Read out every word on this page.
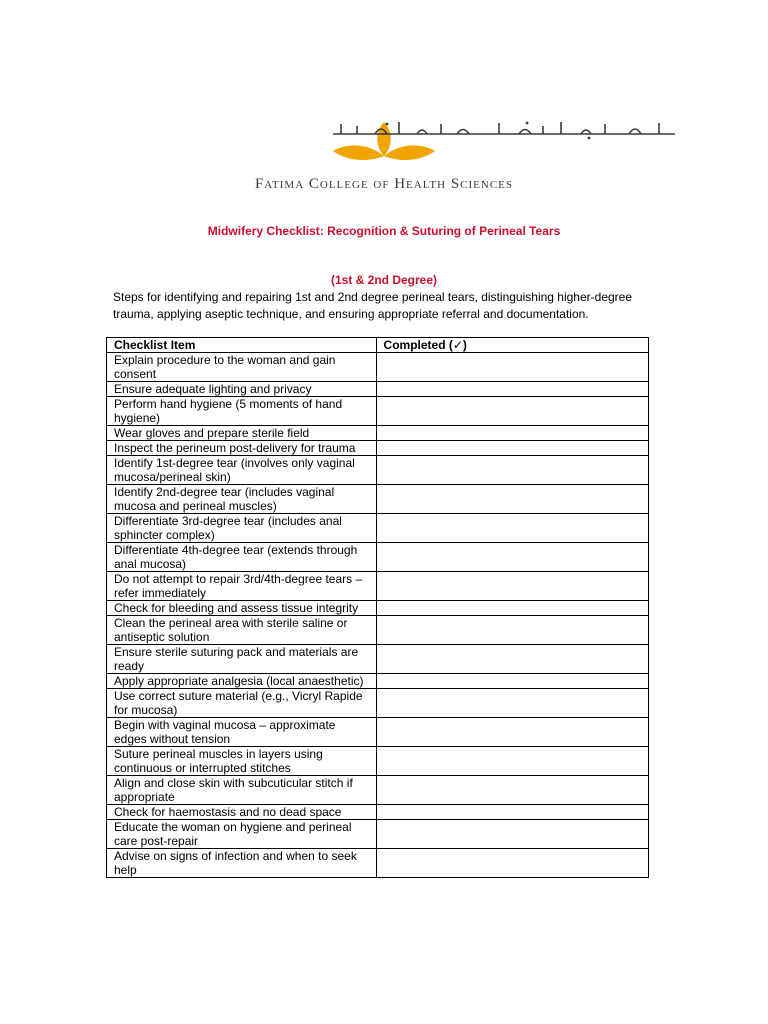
Fatima College of Health Sciences
Midwifery Checklist: Recognition & Suturing of Perineal Tears
(1st & 2nd Degree)
Steps for identifying and repairing 1st and 2nd degree perineal tears, distinguishing higher-degree trauma, applying aseptic technique, and ensuring appropriate referral and documentation.
Checklist Item	Completed (✓)
Explain procedure to the woman and gain consent	
Ensure adequate lighting and privacy	
Perform hand hygiene (5 moments of hand hygiene)	
Wear gloves and prepare sterile field	
Inspect the perineum post-delivery for trauma	
Identify 1st-degree tear (involves only vaginal mucosa/perineal skin)	
Identify 2nd-degree tear (includes vaginal mucosa and perineal muscles)	
Differentiate 3rd-degree tear (includes anal sphincter complex)	
Differentiate 4th-degree tear (extends through anal mucosa)	
Do not attempt to repair 3rd/4th-degree tears – refer immediately	
Check for bleeding and assess tissue integrity	
Clean the perineal area with sterile saline or antiseptic solution	
Ensure sterile suturing pack and materials are ready	
Apply appropriate analgesia (local anaesthetic)	
Use correct suture material (e.g., Vicryl Rapide for mucosa)	
Begin with vaginal mucosa – approximate edges without tension	
Suture perineal muscles in layers using continuous or interrupted stitches	
Align and close skin with subcuticular stitch if appropriate	
Check for haemostasis and no dead space	
Educate the woman on hygiene and perineal care post-repair	
Advise on signs of infection and when to seek help	
